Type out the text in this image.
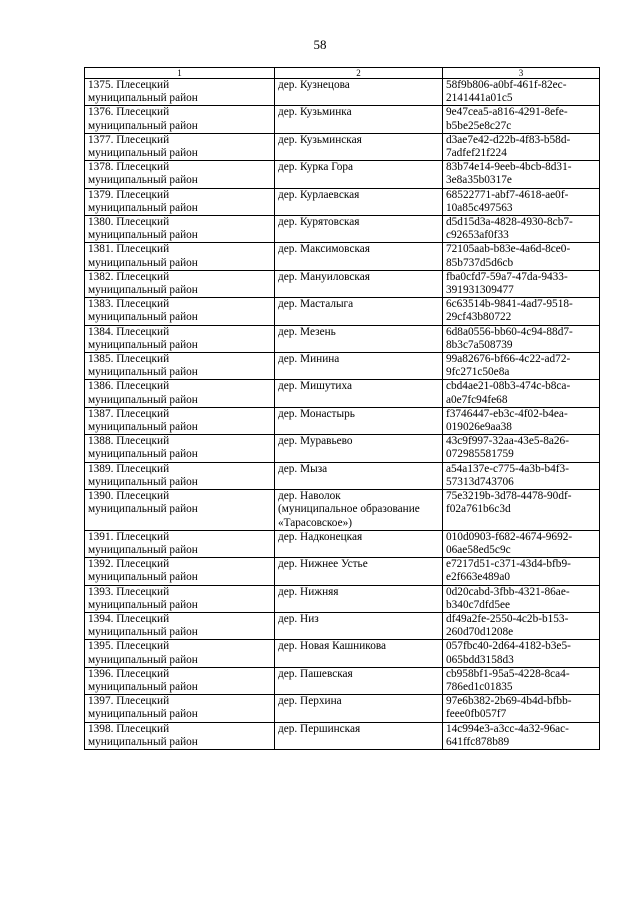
58
1	2	3

1375. Плесецкий
муниципальный район	дер. Кузнецова	58f9b806-a0bf-461f-82ec-
2141441a01c5

1376. Плесецкий
муниципальный район	дер. Кузьминка	9e47cea5-a816-4291-8efe-
b5be25e8c27c

1377. Плесецкий
муниципальный район	дер. Кузьминская	d3ae7e42-d22b-4f83-b58d-
7adfef21f224

1378. Плесецкий
муниципальный район	дер. Курка Гора	83b74e14-9eeb-4bcb-8d31-
3e8a35b0317e

1379. Плесецкий
муниципальный район	дер. Курлаевская	68522771-abf7-4618-ae0f-
10a85c497563

1380. Плесецкий
муниципальный район	дер. Курятовская	d5d15d3a-4828-4930-8cb7-
c92653af0f33

1381. Плесецкий
муниципальный район	дер. Максимовская	72105aab-b83e-4a6d-8ce0-
85b737d5d6cb

1382. Плесецкий
муниципальный район	дер. Мануиловская	fba0cfd7-59a7-47da-9433-
391931309477

1383. Плесецкий
муниципальный район	дер. Масталыга	6c63514b-9841-4ad7-9518-
29cf43b80722

1384. Плесецкий
муниципальный район	дер. Мезень	6d8a0556-bb60-4c94-88d7-
8b3c7a508739

1385. Плесецкий
муниципальный район	дер. Минина	99a82676-bf66-4c22-ad72-
9fc271c50e8a

1386. Плесецкий
муниципальный район	дер. Мишутиха	cbd4ae21-08b3-474c-b8ca-
a0e7fc94fe68

1387. Плесецкий
муниципальный район	дер. Монастырь	f3746447-eb3c-4f02-b4ea-
019026e9aa38

1388. Плесецкий
муниципальный район	дер. Муравьево	43c9f997-32aa-43e5-8a26-
072985581759

1389. Плесецкий
муниципальный район	дер. Мыза	a54a137e-c775-4a3b-b4f3-
57313d743706

1390. Плесецкий
муниципальный район	дер. Наволок
(муниципальное образование
«Тарасовское»)	75e3219b-3d78-4478-90df-
f02a761b6c3d

1391. Плесецкий
муниципальный район	дер. Надконецкая	010d0903-f682-4674-9692-
06ae58ed5c9c

1392. Плесецкий
муниципальный район	дер. Нижнее Устье	e7217d51-c371-43d4-bfb9-
e2f663e489a0

1393. Плесецкий
муниципальный район	дер. Нижняя	0d20cabd-3fbb-4321-86ae-
b340c7dfd5ee

1394. Плесецкий
муниципальный район	дер. Низ	df49a2fe-2550-4c2b-b153-
260d70d1208e

1395. Плесецкий
муниципальный район	дер. Новая Кашникова	057fbc40-2d64-4182-b3e5-
065bdd3158d3

1396. Плесецкий
муниципальный район	дер. Пашевская	cb958bf1-95a5-4228-8ca4-
786ed1c01835

1397. Плесецкий
муниципальный район	дер. Перхина	97e6b382-2b69-4b4d-bfbb-
feee0fb057f7

1398. Плесецкий
муниципальный район	дер. Першинская	14c994e3-a3cc-4a32-96ac-
641ffc878b89
